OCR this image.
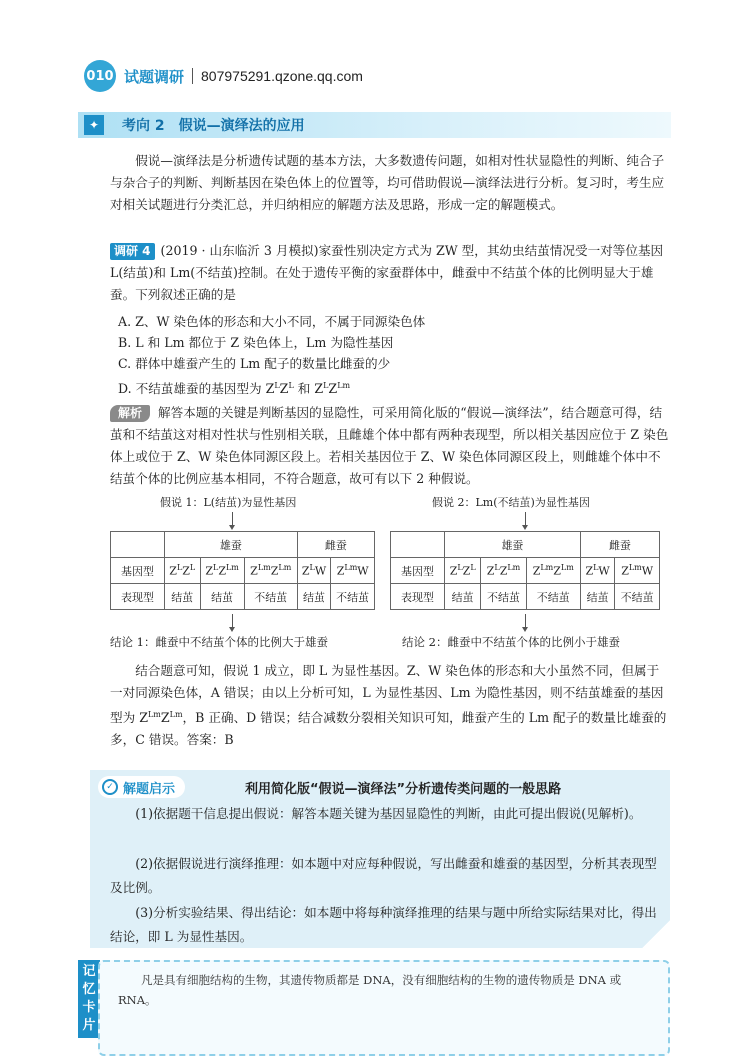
010 试题调研 807975291.qzone.qq.com
✦	考向 2 假说—演绎法的应用
假说—演绎法是分析遗传试题的基本方法，大多数遗传问题，如相对性状显隐性的判断、纯合子与杂合子的判断、判断基因在染色体上的位置等，均可借助假说—演绎法进行分析。复习时，考生应对相关试题进行分类汇总，并归纳相应的解题方法及思路，形成一定的解题模式。
调研 4 (2019 · 山东临沂 3 月模拟)家蚕性别决定方式为 ZW 型，其幼虫结茧情况受一对等位基因 L(结茧)和 Lm(不结茧)控制。在处于遗传平衡的家蚕群体中，雌蚕中不结茧个体的比例明显大于雄蚕。下列叙述正确的是
A. Z、W 染色体的形态和大小不同，不属于同源染色体
B. L 和 Lm 都位于 Z 染色体上，Lm 为隐性基因
C. 群体中雄蚕产生的 Lm 配子的数量比雌蚕的少
D. 不结茧雄蚕的基因型为 $Z^LZ^L$ 和 $Z^LZ^{Lm}$
解析 解答本题的关键是判断基因的显隐性，可采用简化版的“假说—演绎法”，结合题意可得，结茧和不结茧这对相对性状与性别相关联，且雌雄个体中都有两种表现型，所以相关基因应位于 Z 染色体上或位于 Z、W 染色体同源区段上。若相关基因位于 Z、W 染色体同源区段上，则雌雄个体中不结茧个体的比例应基本相同，不符合题意，故可有以下 2 种假说。
假说 1：L(结茧)为显性基因
	雄蚕			雌蚕	
基因型	$Z^LZ^L$	$Z^LZ^{Lm}$	$Z^{Lm}Z^{Lm}$	$Z^LW$	$Z^{Lm}W$
表现型	结茧	结茧	不结茧	结茧	不结茧
结论 1：雌蚕中不结茧个体的比例大于雄蚕
假说 2：Lm(不结茧)为显性基因
	雄蚕			雌蚕	
基因型	$Z^LZ^L$	$Z^LZ^{Lm}$	$Z^{Lm}Z^{Lm}$	$Z^LW$	$Z^{Lm}W$
表现型	结茧	不结茧	不结茧	结茧	不结茧
结论 2：雌蚕中不结茧个体的比例小于雄蚕
结合题意可知，假说 1 成立，即 L 为显性基因。Z、W 染色体的形态和大小虽然不同，但属于一对同源染色体，A 错误；由以上分析可知，L 为显性基因、Lm 为隐性基因，则不结茧雄蚕的基因型为 $Z^{Lm}Z^{Lm}$，B 正确、D 错误；结合减数分裂相关知识可知，雌蚕产生的 Lm 配子的数量比雄蚕的多，C 错误。答案：B
✓ 解题启示	利用简化版“假说—演绎法”分析遗传类问题的一般思路
(1)依据题干信息提出假说：解答本题关键为基因显隐性的判断，由此可提出假说(见解析)。
(2)依据假说进行演绎推理：如本题中对应每种假说，写出雌蚕和雄蚕的基因型，分析其表现型及比例。
(3)分析实验结果、得出结论：如本题中将每种演绎推理的结果与题中所给实际结果对比，得出结论，即 L 为显性基因。
记忆卡片
凡是具有细胞结构的生物，其遗传物质都是 DNA，没有细胞结构的生物的遗传物质是 DNA 或 RNA。
